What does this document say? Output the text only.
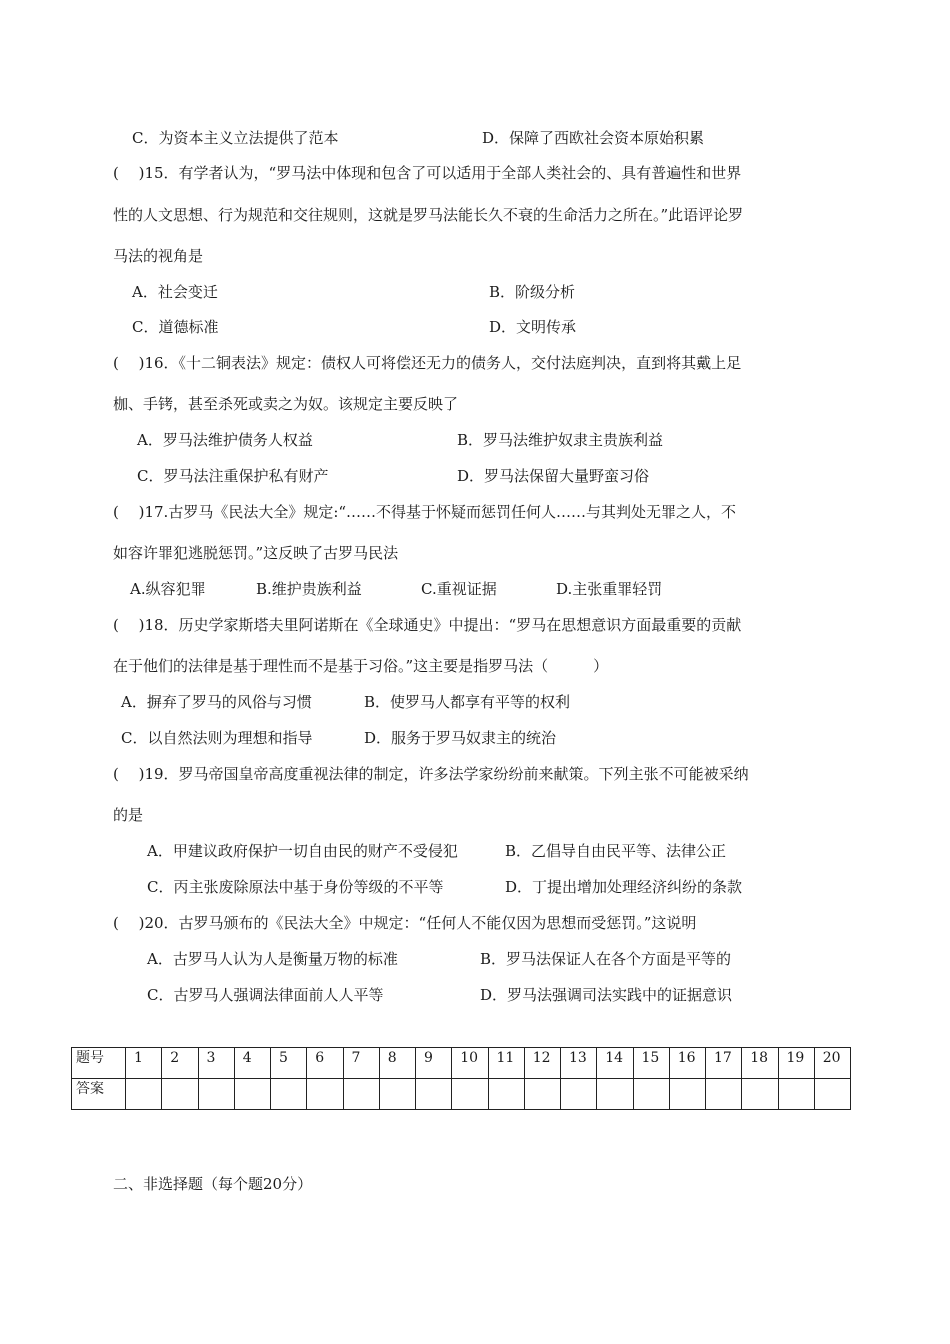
C．为资本主义立法提供了范本	D．保障了西欧社会资本原始积累
(　 )15．有学者认为，“罗马法中体现和包含了可以适用于全部人类社会的、具有普遍性和世界
性的人文思想、行为规范和交往规则，这就是罗马法能长久不衰的生命活力之所在。”此语评论罗
马法的视角是
A．社会变迁	B．阶级分析
C．道德标准	D．文明传承
(　 )16．《十二铜表法》规定：债权人可将偿还无力的债务人，交付法庭判决，直到将其戴上足
枷、手铐，甚至杀死或卖之为奴。该规定主要反映了
A．罗马法维护债务人权益	B．罗马法维护奴隶主贵族利益
C．罗马法注重保护私有财产	D．罗马法保留大量野蛮习俗
(　 )17.古罗马《民法大全》规定:“……不得基于怀疑而惩罚任何人……与其判处无罪之人，不
如容许罪犯逃脱惩罚。”这反映了古罗马民法
A.纵容犯罪	B.维护贵族利益	C.重视证据	D.主张重罪轻罚
(　 )18．历史学家斯塔夫里阿诺斯在《全球通史》中提出：“罗马在思想意识方面最重要的贡献
在于他们的法律是基于理性而不是基于习俗。”这主要是指罗马法（　　　）
A．摒弃了罗马的风俗与习惯	B．使罗马人都享有平等的权利
C．以自然法则为理想和指导	D．服务于罗马奴隶主的统治
(　 )19．罗马帝国皇帝高度重视法律的制定，许多法学家纷纷前来献策。下列主张不可能被采纳
的是
A．甲建议政府保护一切自由民的财产不受侵犯	B．乙倡导自由民平等、法律公正
C．丙主张废除原法中基于身份等级的不平等	D．丁提出增加处理经济纠纷的条款
(　 )20．古罗马颁布的《民法大全》中规定：“任何人不能仅因为思想而受惩罚。”这说明
A．古罗马人认为人是衡量万物的标准	B．罗马法保证人在各个方面是平等的
C．古罗马人强调法律面前人人平等	D．罗马法强调司法实践中的证据意识
题号	1	2	3	4	5	6	7	8	9	10	11	12	13	14	15	16	17	18	19	20
答案																				
二、非选择题（每个题20分）
